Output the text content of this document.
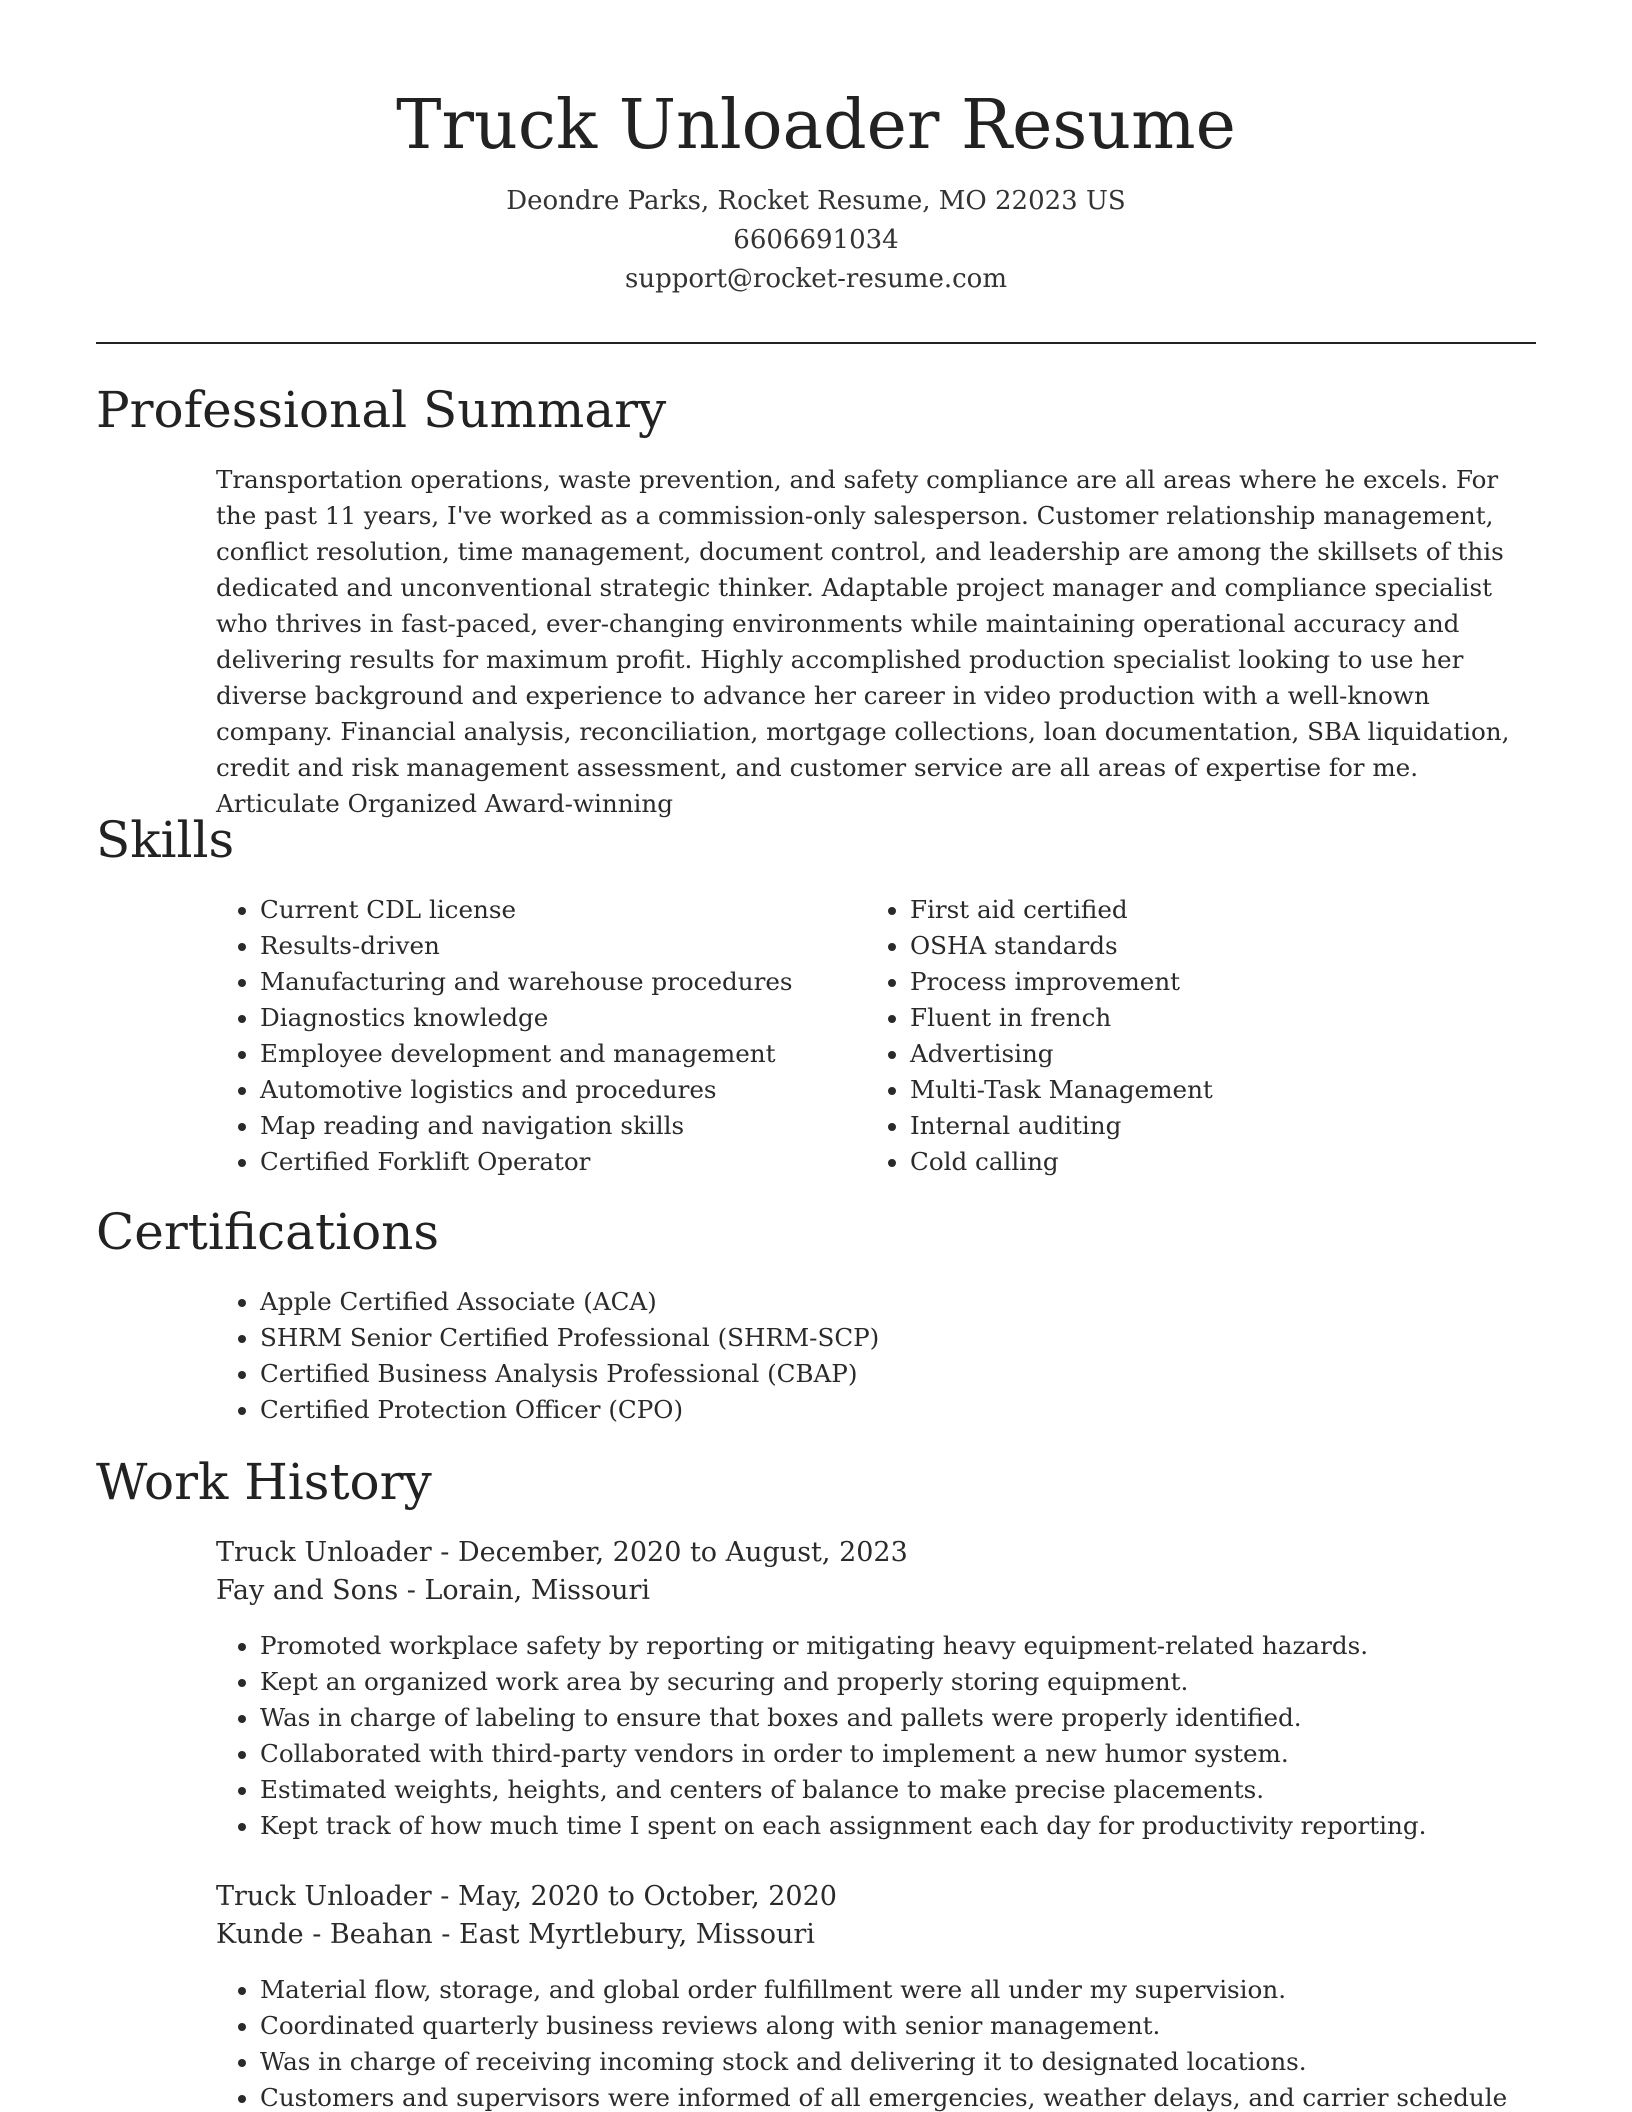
Truck Unloader Resume
Deondre Parks, Rocket Resume, MO 22023 US
6606691034
support@rocket-resume.com
Professional Summary

Transportation operations, waste prevention, and safety compliance are all areas where he excels. For the past 11 years, I've worked as a commission-only salesperson. Customer relationship management, conflict resolution, time management, document control, and leadership are among the skillsets of this dedicated and unconventional strategic thinker. Adaptable project manager and compliance specialist who thrives in fast-paced, ever-changing environments while maintaining operational accuracy and delivering results for maximum profit. Highly accomplished production specialist looking to use her diverse background and experience to advance her career in video production with a well-known company. Financial analysis, reconciliation, mortgage collections, loan documentation, SBA liquidation, credit and risk management assessment, and customer service are all areas of expertise for me. Articulate Organized Award-winning

Skills
• Current CDL license
• Results-driven
• Manufacturing and warehouse procedures
• Diagnostics knowledge
• Employee development and management
• Automotive logistics and procedures
• Map reading and navigation skills
• Certified Forklift Operator
• First aid certified
• OSHA standards
• Process improvement
• Fluent in french
• Advertising
• Multi-Task Management
• Internal auditing
• Cold calling
Certifications
• Apple Certified Associate (ACA)
• SHRM Senior Certified Professional (SHRM-SCP)
• Certified Business Analysis Professional (CBAP)
• Certified Protection Officer (CPO)
Work History
Truck Unloader - December, 2020 to August, 2023
Fay and Sons - Lorain, Missouri
• Promoted workplace safety by reporting or mitigating heavy equipment-related hazards.
• Kept an organized work area by securing and properly storing equipment.
• Was in charge of labeling to ensure that boxes and pallets were properly identified.
• Collaborated with third-party vendors in order to implement a new humor system.
• Estimated weights, heights, and centers of balance to make precise placements.
• Kept track of how much time I spent on each assignment each day for productivity reporting.
Truck Unloader - May, 2020 to October, 2020
Kunde - Beahan - East Myrtlebury, Missouri
• Material flow, storage, and global order fulfillment were all under my supervision.
• Coordinated quarterly business reviews along with senior management.
• Was in charge of receiving incoming stock and delivering it to designated locations.
• Customers and supervisors were informed of all emergencies, weather delays, and carrier schedule
